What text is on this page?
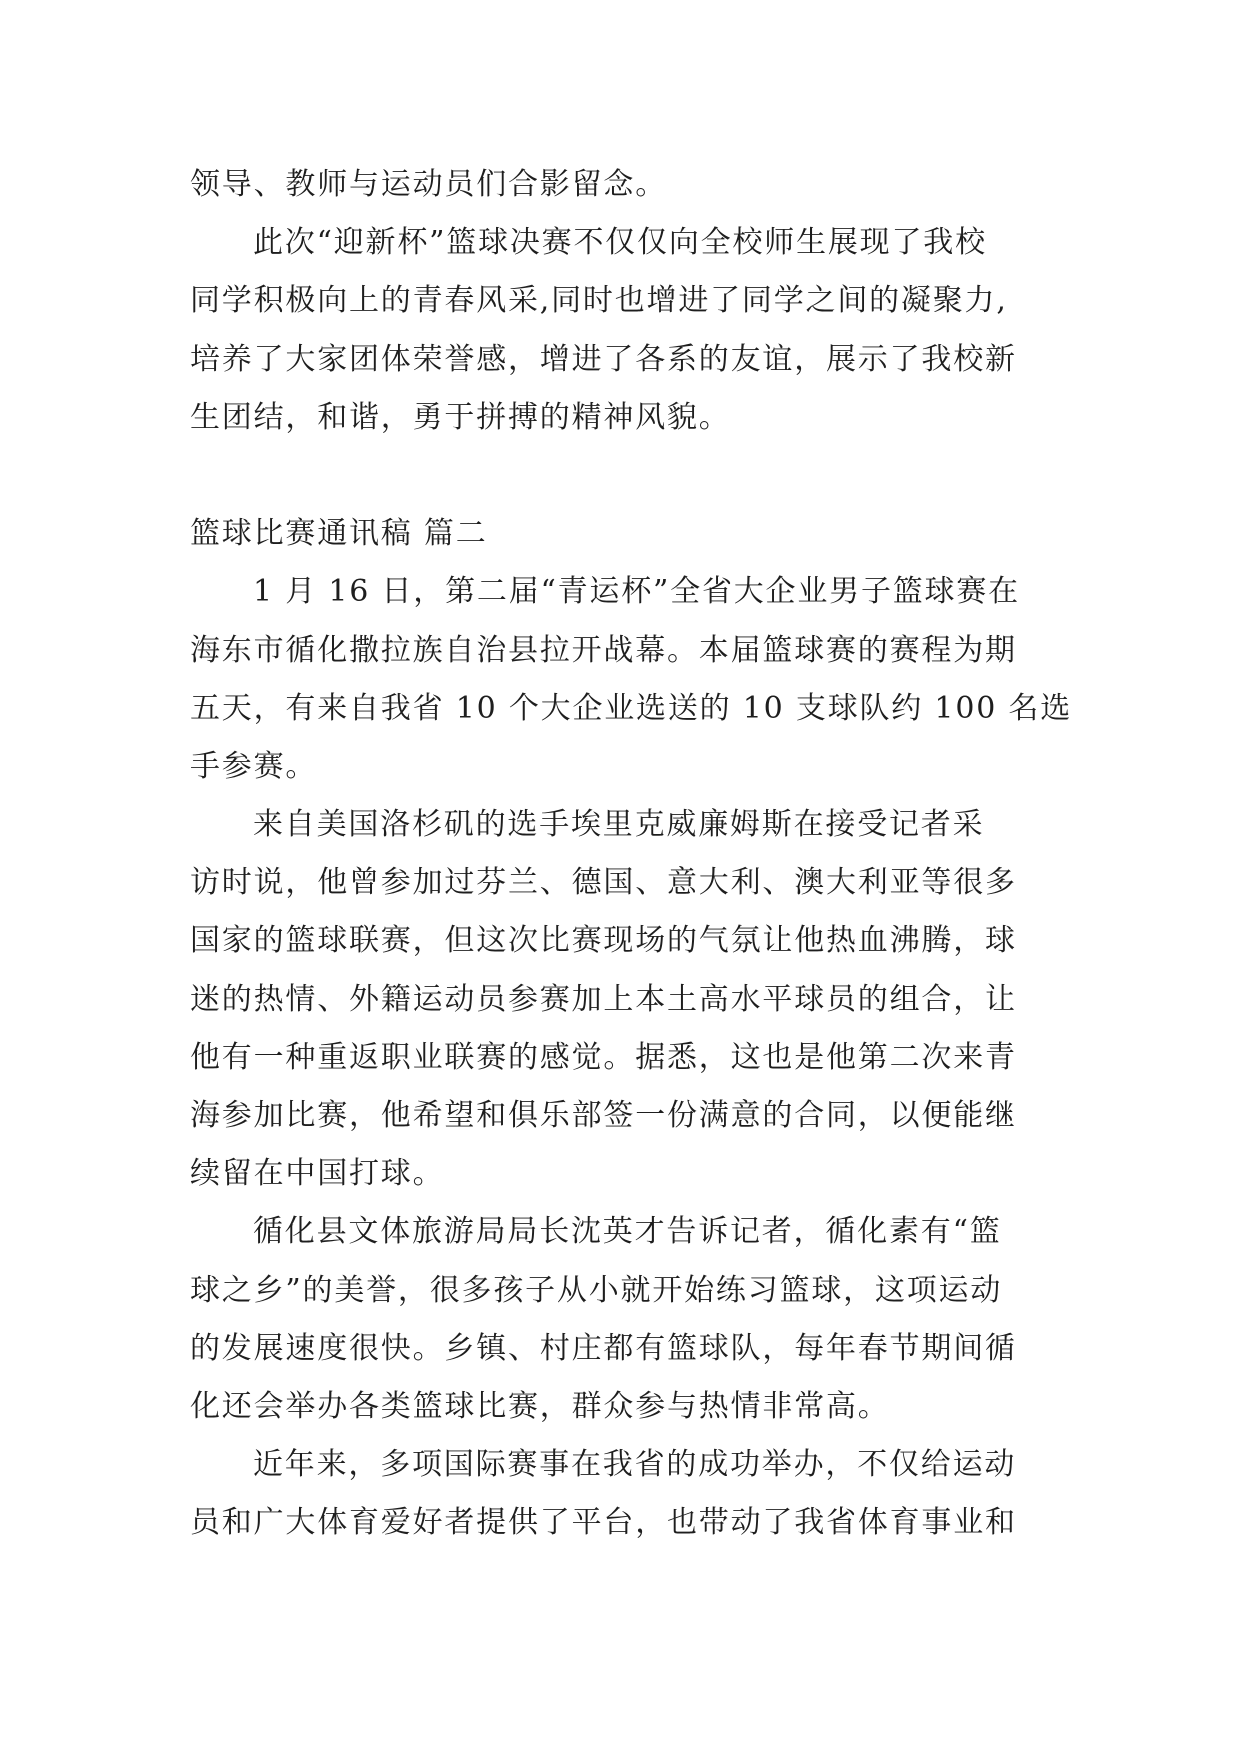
领导、教师与运动员们合影留念。
此次“迎新杯”篮球决赛不仅仅向全校师生展现了我校
同学积极向上的青春风采,同时也增进了同学之间的凝聚力,
培养了大家团体荣誉感，增进了各系的友谊，展示了我校新
生团结，和谐，勇于拼搏的精神风貌。
篮球比赛通讯稿 篇二
1 月 16 日，第二届“青运杯”全省大企业男子篮球赛在
海东市循化撒拉族自治县拉开战幕。本届篮球赛的赛程为期
五天，有来自我省 10 个大企业选送的 10 支球队约 100 名选
手参赛。
来自美国洛杉矶的选手埃里克威廉姆斯在接受记者采
访时说，他曾参加过芬兰、德国、意大利、澳大利亚等很多
国家的篮球联赛，但这次比赛现场的气氛让他热血沸腾，球
迷的热情、外籍运动员参赛加上本土高水平球员的组合，让
他有一种重返职业联赛的感觉。据悉，这也是他第二次来青
海参加比赛，他希望和俱乐部签一份满意的合同，以便能继
续留在中国打球。
循化县文体旅游局局长沈英才告诉记者，循化素有“篮
球之乡”的美誉，很多孩子从小就开始练习篮球，这项运动
的发展速度很快。乡镇、村庄都有篮球队，每年春节期间循
化还会举办各类篮球比赛，群众参与热情非常高。
近年来，多项国际赛事在我省的成功举办，不仅给运动
员和广大体育爱好者提供了平台，也带动了我省体育事业和
